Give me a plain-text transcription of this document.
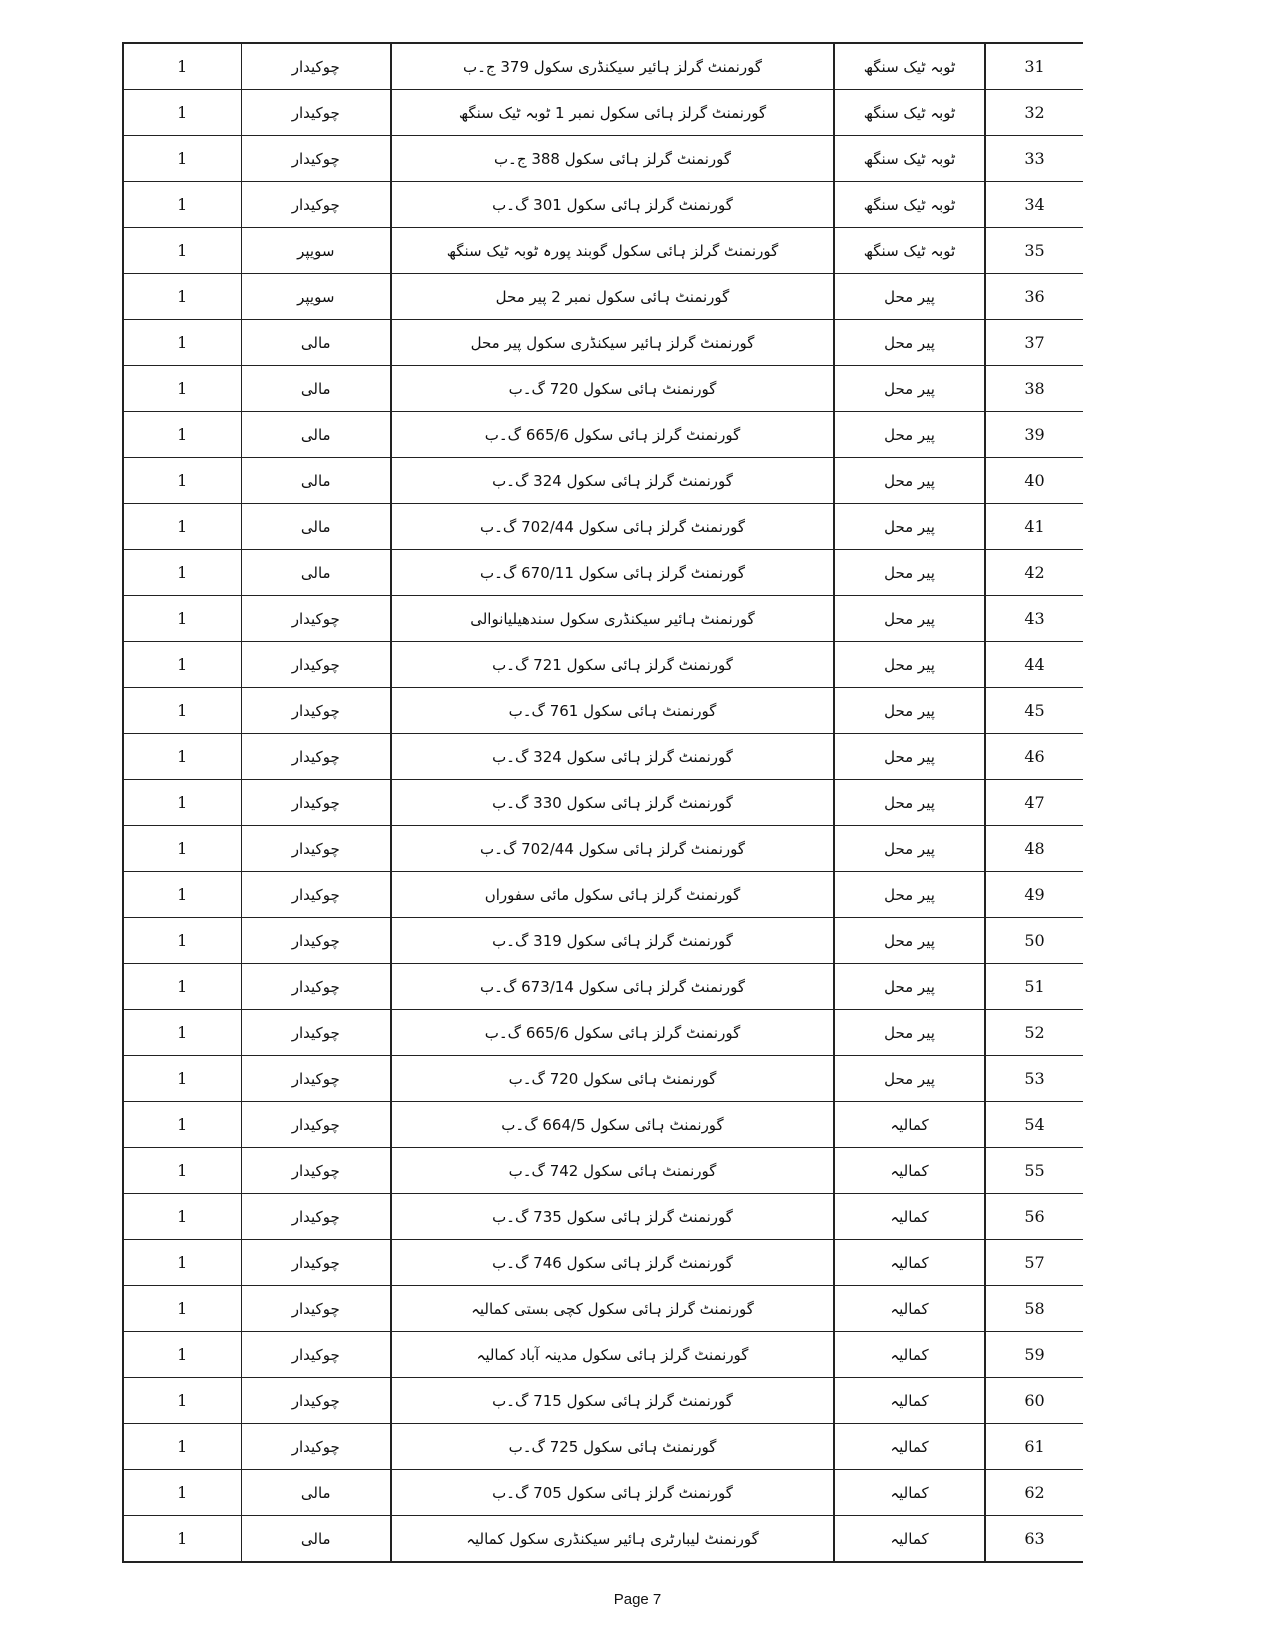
1	چوکیدار	گورنمنٹ گرلز ہائیر سیکنڈری سکول 379 ج۔ب	ٹوبہ ٹیک سنگھ	31
1	چوکیدار	گورنمنٹ گرلز ہائی سکول نمبر 1 ٹوبہ ٹیک سنگھ	ٹوبہ ٹیک سنگھ	32
1	چوکیدار	گورنمنٹ گرلز ہائی سکول 388 ج۔ب	ٹوبہ ٹیک سنگھ	33
1	چوکیدار	گورنمنٹ گرلز ہائی سکول 301 گ۔ب	ٹوبہ ٹیک سنگھ	34
1	سویپر	گورنمنٹ گرلز ہائی سکول گوبند پورہ ٹوبہ ٹیک سنگھ	ٹوبہ ٹیک سنگھ	35
1	سویپر	گورنمنٹ ہائی سکول نمبر 2 پیر محل	پیر محل	36
1	مالی	گورنمنٹ گرلز ہائیر سیکنڈری سکول پیر محل	پیر محل	37
1	مالی	گورنمنٹ ہائی سکول 720 گ۔ب	پیر محل	38
1	مالی	گورنمنٹ گرلز ہائی سکول 665/6 گ۔ب	پیر محل	39
1	مالی	گورنمنٹ گرلز ہائی سکول 324 گ۔ب	پیر محل	40
1	مالی	گورنمنٹ گرلز ہائی سکول 702/44 گ۔ب	پیر محل	41
1	مالی	گورنمنٹ گرلز ہائی سکول 670/11 گ۔ب	پیر محل	42
1	چوکیدار	گورنمنٹ ہائیر سیکنڈری سکول سندھیلیانوالی	پیر محل	43
1	چوکیدار	گورنمنٹ گرلز ہائی سکول 721 گ۔ب	پیر محل	44
1	چوکیدار	گورنمنٹ ہائی سکول 761 گ۔ب	پیر محل	45
1	چوکیدار	گورنمنٹ گرلز ہائی سکول 324 گ۔ب	پیر محل	46
1	چوکیدار	گورنمنٹ گرلز ہائی سکول 330 گ۔ب	پیر محل	47
1	چوکیدار	گورنمنٹ گرلز ہائی سکول 702/44 گ۔ب	پیر محل	48
1	چوکیدار	گورنمنٹ گرلز ہائی سکول مائی سفوراں	پیر محل	49
1	چوکیدار	گورنمنٹ گرلز ہائی سکول 319 گ۔ب	پیر محل	50
1	چوکیدار	گورنمنٹ گرلز ہائی سکول 673/14 گ۔ب	پیر محل	51
1	چوکیدار	گورنمنٹ گرلز ہائی سکول 665/6 گ۔ب	پیر محل	52
1	چوکیدار	گورنمنٹ ہائی سکول 720 گ۔ب	پیر محل	53
1	چوکیدار	گورنمنٹ ہائی سکول 664/5 گ۔ب	کمالیہ	54
1	چوکیدار	گورنمنٹ ہائی سکول 742 گ۔ب	کمالیہ	55
1	چوکیدار	گورنمنٹ گرلز ہائی سکول 735 گ۔ب	کمالیہ	56
1	چوکیدار	گورنمنٹ گرلز ہائی سکول 746 گ۔ب	کمالیہ	57
1	چوکیدار	گورنمنٹ گرلز ہائی سکول کچی بستی کمالیہ	کمالیہ	58
1	چوکیدار	گورنمنٹ گرلز ہائی سکول مدینہ آباد کمالیہ	کمالیہ	59
1	چوکیدار	گورنمنٹ گرلز ہائی سکول 715 گ۔ب	کمالیہ	60
1	چوکیدار	گورنمنٹ ہائی سکول 725 گ۔ب	کمالیہ	61
1	مالی	گورنمنٹ گرلز ہائی سکول 705 گ۔ب	کمالیہ	62
1	مالی	گورنمنٹ لیبارٹری ہائیر سیکنڈری سکول کمالیہ	کمالیہ	63
Page 7
